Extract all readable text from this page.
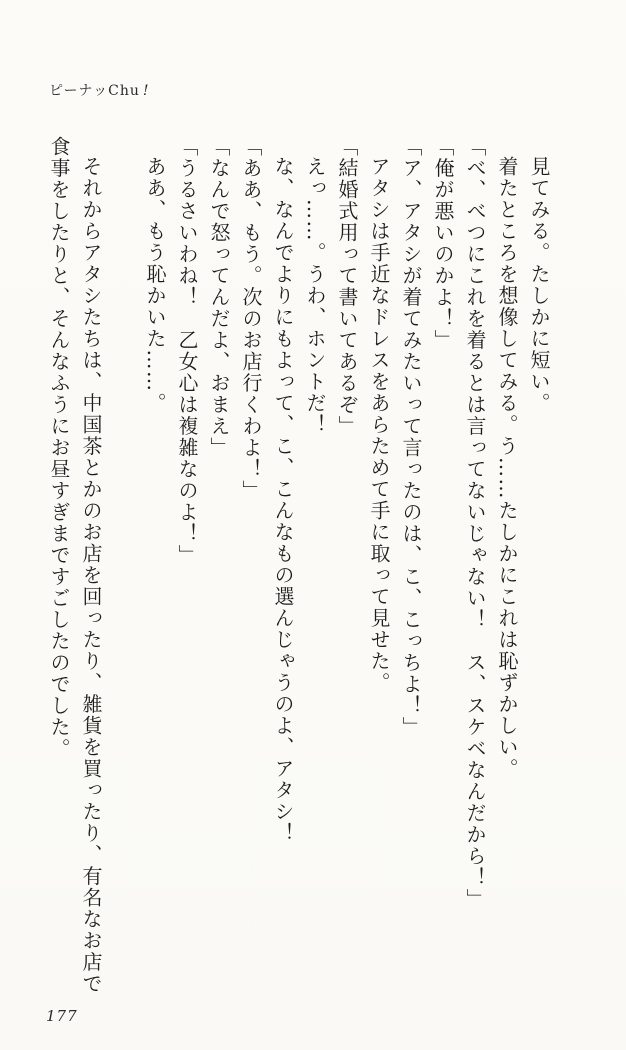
ピーナッChu !

見てみる。たしかに短い。

着たところを想像してみる。う……たしかにこれは恥ずかしい。

「べ、べつにこれを着るとは言ってないじゃない！　ス、スケベなんだから！」

「俺が悪いのかよ！」

「ア、アタシが着てみたいって言ったのは、こ、こっちよ！」

アタシは手近なドレスをあらためて手に取って見せた。

「結婚式用って書いてあるぞ」

えっ……。うわ、ホントだ！

な、なんでよりにもよって、こ、こんなもの選んじゃうのよ、アタシ！

「ああ、もう。次のお店行くわよ！」

「なんで怒ってんだよ、おまえ」

「うるさいわね！　乙女心は複雑なのよ！」

ああ、もう恥かいた……。

それからアタシたちは、中国茶とかのお店を回ったり、雑貨を買ったり、有名なお店で食事をしたりと、そんなふうにお昼すぎまですごしたのでした。

177
